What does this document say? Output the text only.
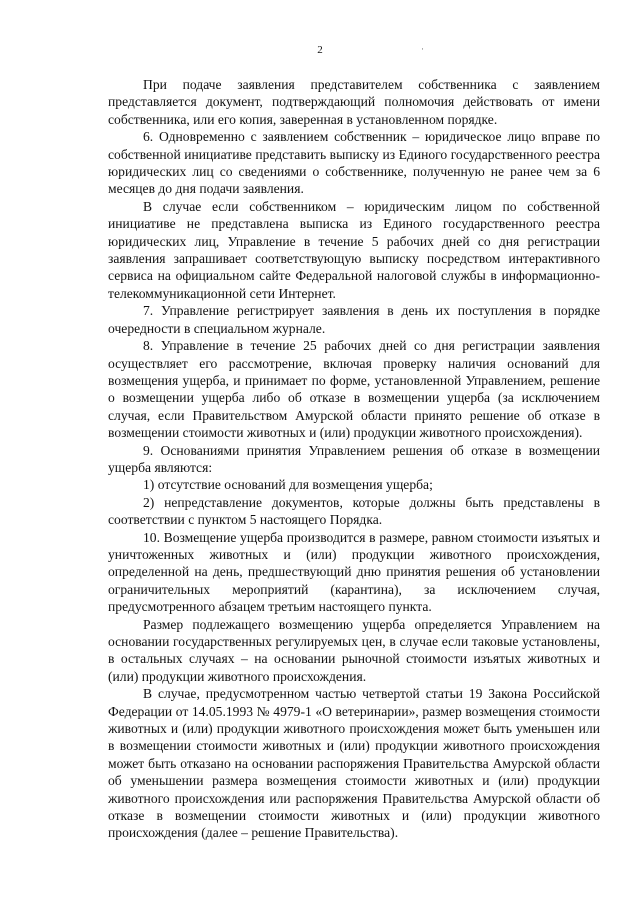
2	·

При подаче заявления представителем собственника с заявлением представляется документ, подтверждающий полномочия действовать от имени собственника, или его копия, заверенная в установленном порядке.

6. Одновременно с заявлением собственник – юридическое лицо вправе по собственной инициативе представить выписку из Единого государственного реестра юридических лиц со сведениями о собственнике, полученную не ранее чем за 6 месяцев до дня подачи заявления.

В случае если собственником – юридическим лицом по собственной инициативе не представлена выписка из Единого государственного реестра юридических лиц, Управление в течение 5 рабочих дней со дня регистрации заявления запрашивает соответствующую выписку посредством интерактивного сервиса на официальном сайте Федеральной налоговой службы в информационно-телекоммуникационной сети Интернет.

7. Управление регистрирует заявления в день их поступления в порядке очередности в специальном журнале.

8. Управление в течение 25 рабочих дней со дня регистрации заявления осуществляет его рассмотрение, включая проверку наличия оснований для возмещения ущерба, и принимает по форме, установленной Управлением, решение о возмещении ущерба либо об отказе в возмещении ущерба (за исключением случая, если Правительством Амурской области принято решение об отказе в возмещении стоимости животных и (или) продукции животного происхождения).

9. Основаниями принятия Управлением решения об отказе в возмещении ущерба являются:

1) отсутствие оснований для возмещения ущерба;

2) непредставление документов, которые должны быть представлены в соответствии с пунктом 5 настоящего Порядка.

10. Возмещение ущерба производится в размере, равном стоимости изъятых и уничтоженных животных и (или) продукции животного происхождения, определенной на день, предшествующий дню принятия решения об установлении ограничительных мероприятий (карантина), за исключением случая, предусмотренного абзацем третьим настоящего пункта.

Размер подлежащего возмещению ущерба определяется Управлением на основании государственных регулируемых цен, в случае если таковые установлены, в остальных случаях – на основании рыночной стоимости изъятых животных и (или) продукции животного происхождения.

В случае, предусмотренном частью четвертой статьи 19 Закона Российской Федерации от 14.05.1993 № 4979-1 «О ветеринарии», размер возмещения стоимости животных и (или) продукции животного происхождения может быть уменьшен или в возмещении стоимости животных и (или) продукции животного происхождения может быть отказано на основании распоряжения Правительства Амурской области об уменьшении размера возмещения стоимости животных и (или) продукции животного происхождения или распоряжения Правительства Амурской области об отказе в возмещении стоимости животных и (или) продукции животного происхождения (далее – решение Правительства).
